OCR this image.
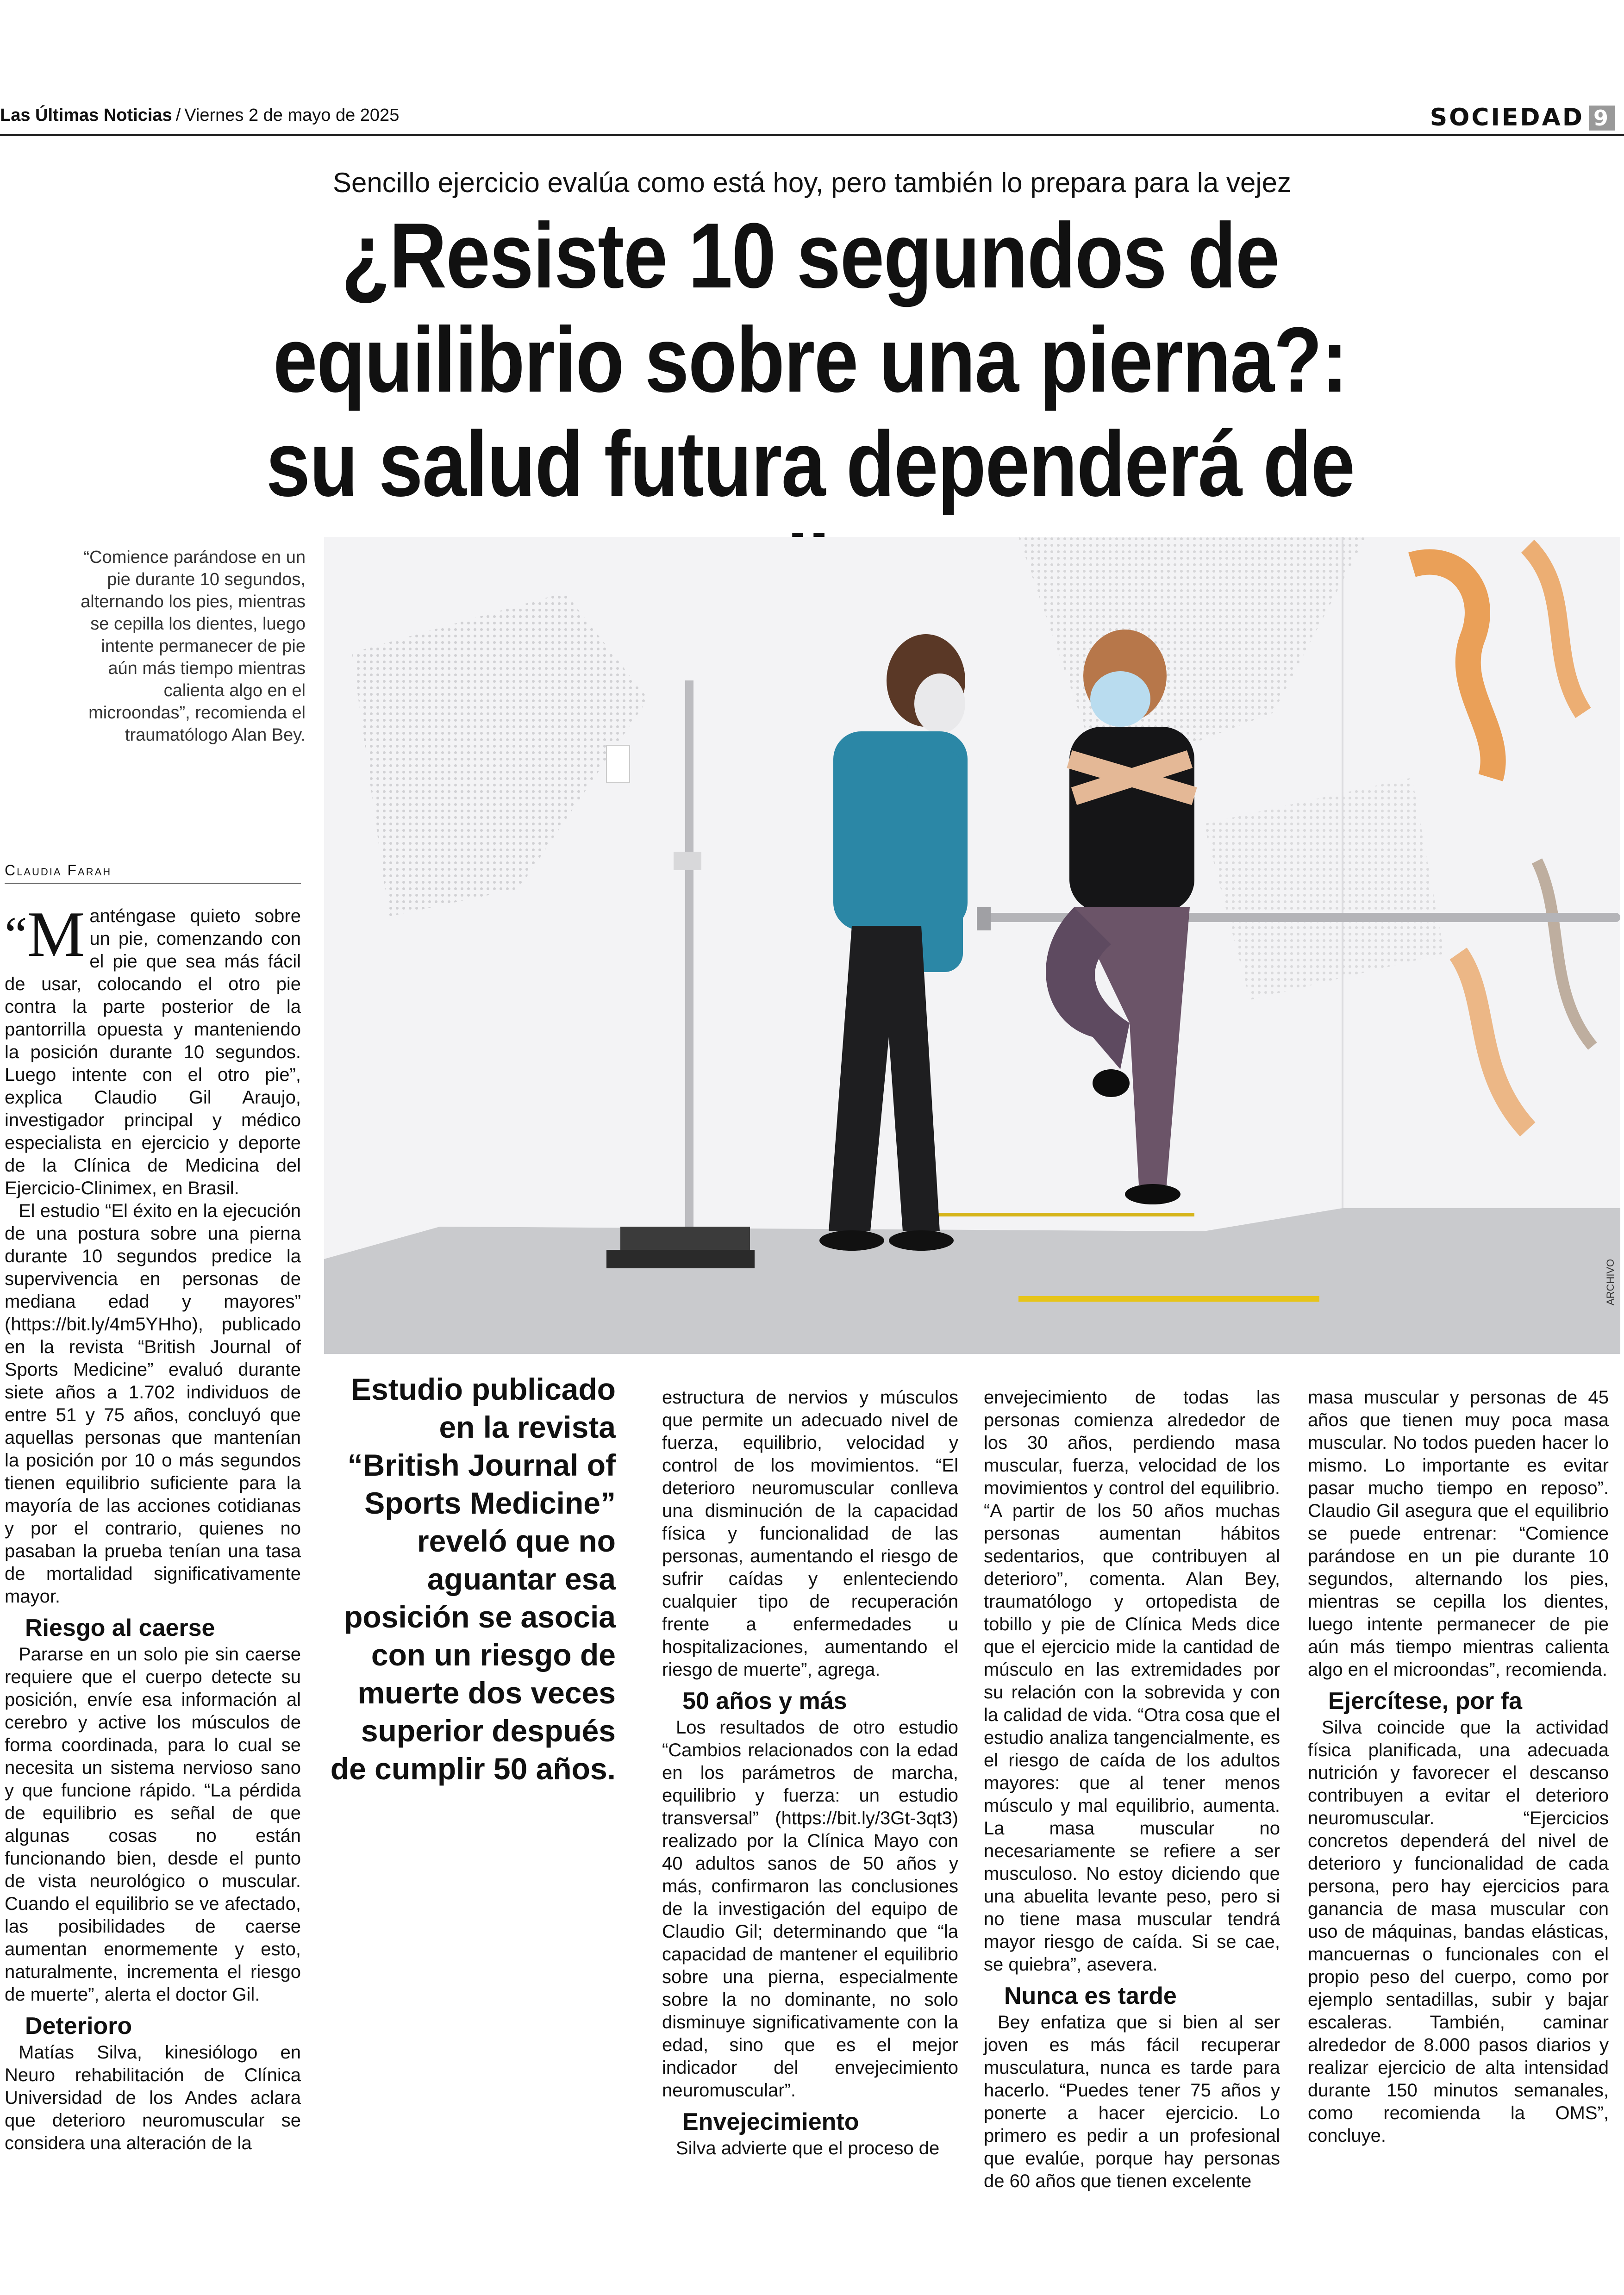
Las Últimas Noticias / Viernes 2 de mayo de 2025	SOCIEDAD 9
Sencillo ejercicio evalúa como está hoy, pero también lo prepara para la vejez
¿Resiste 10 segundos de equilibrio sobre una pierna?: su salud futura dependerá de
“Comience parándose en un pie durante 10 segundos, alternando los pies, mientras se cepilla los dientes, luego intente permanecer de pie aún más tiempo mientras calienta algo en el microondas”, recomienda el traumatólogo Alan Bey.
ARCHIVO
Claudia Farah

“M anténgase quieto sobre un pie, comenzando con el pie que sea más fácil de usar, colocando el otro pie contra la parte posterior de la pantorrilla opuesta y manteniendo la posición durante 10 segundos. Luego intente con el otro pie”, explica Claudio Gil Araujo, investigador principal y médico especialista en ejercicio y deporte de la Clínica de Medicina del Ejercicio-Clinimex, en Brasil.

El estudio “El éxito en la ejecución de una postura sobre una pierna durante 10 segundos predice la supervivencia en personas de mediana edad y mayores” (https://bit.ly/4m5YHho), publicado en la revista “British Journal of Sports Medicine” evaluó durante siete años a 1.702 individuos de entre 51 y 75 años, concluyó que aquellas personas que mantenían la posición por 10 o más segundos tienen equilibrio suficiente para la mayoría de las acciones cotidianas y por el contrario, quienes no pasaban la prueba tenían una tasa de mortalidad significativamente mayor.

Riesgo al caerse

Pararse en un solo pie sin caerse requiere que el cuerpo detecte su posición, envíe esa información al cerebro y active los músculos de forma coordinada, para lo cual se necesita un sistema nervioso sano y que funcione rápido. “La pérdida de equilibrio es señal de que algunas cosas no están funcionando bien, desde el punto de vista neurológico o muscular. Cuando el equilibrio se ve afectado, las posibilidades de caerse aumentan enormemente y esto, naturalmente, incrementa el riesgo de muerte”, alerta el doctor Gil.

Deterioro

Matías Silva, kinesiólogo en Neuro rehabilitación de Clínica Universidad de los Andes aclara que deterioro neuromuscular se considera una alteración de la

Estudio publicado en la revista “British Journal of Sports Medicine” reveló que no aguantar esa posición se asocia con un riesgo de muerte dos veces superior después de cumplir 50 años.

estructura de nervios y músculos que permite un adecuado nivel de fuerza, equilibrio, velocidad y control de los movimientos. “El deterioro neuromuscular conlleva una disminución de la capacidad física y funcionalidad de las personas, aumentando el riesgo de sufrir caídas y enlenteciendo cualquier tipo de recuperación frente a enfermedades u hospitalizaciones, aumentando el riesgo de muerte”, agrega.

50 años y más

Los resultados de otro estudio “Cambios relacionados con la edad en los parámetros de marcha, equilibrio y fuerza: un estudio transversal” (https://bit.ly/3Gt-3qt3) realizado por la Clínica Mayo con 40 adultos sanos de 50 años y más, confirmaron las conclusiones de la investigación del equipo de Claudio Gil; determinando que “la capacidad de mantener el equilibrio sobre una pierna, especialmente sobre la no dominante, no solo disminuye significativamente con la edad, sino que es el mejor indicador del envejecimiento neuromuscular”.

Envejecimiento

Silva advierte que el proceso de

envejecimiento de todas las personas comienza alrededor de los 30 años, perdiendo masa muscular, fuerza, velocidad de los movimientos y control del equilibrio. “A partir de los 50 años muchas personas aumentan hábitos sedentarios, que contribuyen al deterioro”, comenta. Alan Bey, traumatólogo y ortopedista de tobillo y pie de Clínica Meds dice que el ejercicio mide la cantidad de músculo en las extremidades por su relación con la sobrevida y con la calidad de vida. “Otra cosa que el estudio analiza tangencialmente, es el riesgo de caída de los adultos mayores: que al tener menos músculo y mal equilibrio, aumenta. La masa muscular no necesariamente se refiere a ser musculoso. No estoy diciendo que una abuelita levante peso, pero si no tiene masa muscular tendrá mayor riesgo de caída. Si se cae, se quiebra”, asevera.

Nunca es tarde

Bey enfatiza que si bien al ser joven es más fácil recuperar musculatura, nunca es tarde para hacerlo. “Puedes tener 75 años y ponerte a hacer ejercicio. Lo primero es pedir a un profesional que evalúe, porque hay personas de 60 años que tienen excelente

masa muscular y personas de 45 años que tienen muy poca masa muscular. No todos pueden hacer lo mismo. Lo importante es evitar pasar mucho tiempo en reposo”. Claudio Gil asegura que el equilibrio se puede entrenar: “Comience parándose en un pie durante 10 segundos, alternando los pies, mientras se cepilla los dientes, luego intente permanecer de pie aún más tiempo mientras calienta algo en el microondas”, recomienda.

Ejercítese, por fa

Silva coincide que la actividad física planificada, una adecuada nutrición y favorecer el descanso contribuyen a evitar el deterioro neuromuscular. “Ejercicios concretos dependerá del nivel de deterioro y funcionalidad de cada persona, pero hay ejercicios para ganancia de masa muscular con uso de máquinas, bandas elásticas, mancuernas o funcionales con el propio peso del cuerpo, como por ejemplo sentadillas, subir y bajar escaleras. También, caminar alrededor de 8.000 pasos diarios y realizar ejercicio de alta intensidad durante 150 minutos semanales, como recomienda la OMS”, concluye.
